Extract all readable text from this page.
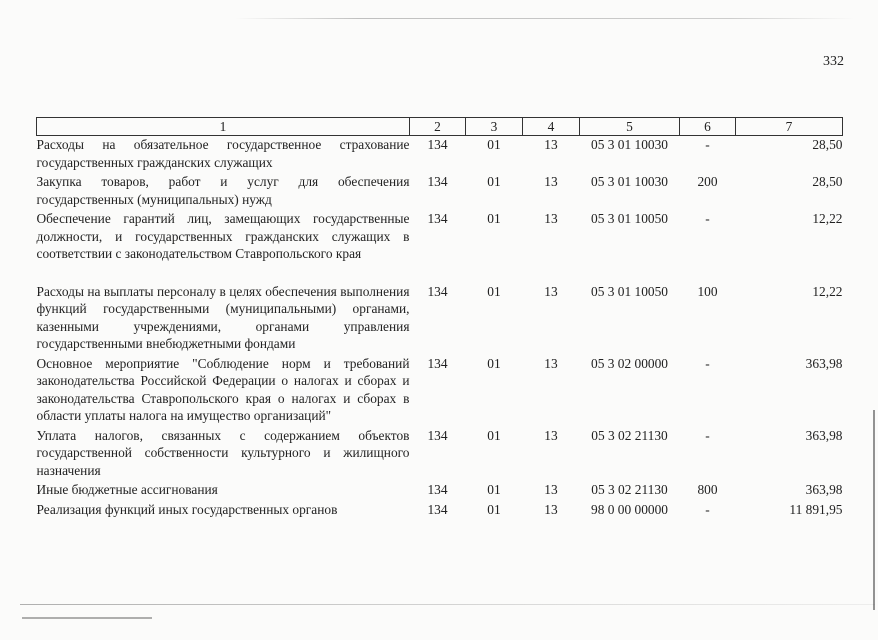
332
1	2	3	4	5	6	7
Расходы на обязательное государственное страхование государственных гражданских служащих	134	01	13	05 3 01 10030	-	28,50
Закупка товаров, работ и услуг для обеспечения государственных (муниципальных) нужд	134	01	13	05 3 01 10030	200	28,50
Обеспечение гарантий лиц, замещающих государственные должности, и государственных гражданских служащих в соответствии с законодательством Ставропольского края	134	01	13	05 3 01 10050	-	12,22
Расходы на выплаты персоналу в целях обеспечения выполнения функций государственными (муниципальными) органами, казенными учреждениями, органами управления государственными внебюджетными фондами	134	01	13	05 3 01 10050	100	12,22
Основное мероприятие "Соблюдение норм и требований законодательства Российской Федерации о налогах и сборах и законодательства Ставропольского края о налогах и сборах в области уплаты налога на имущество организаций"	134	01	13	05 3 02 00000	-	363,98
Уплата налогов, связанных с содержанием объектов государственной собственности культурного и жилищного назначения	134	01	13	05 3 02 21130	-	363,98
Иные бюджетные ассигнования	134	01	13	05 3 02 21130	800	363,98
Реализация функций иных государственных органов	134	01	13	98 0 00 00000	-	11 891,95
